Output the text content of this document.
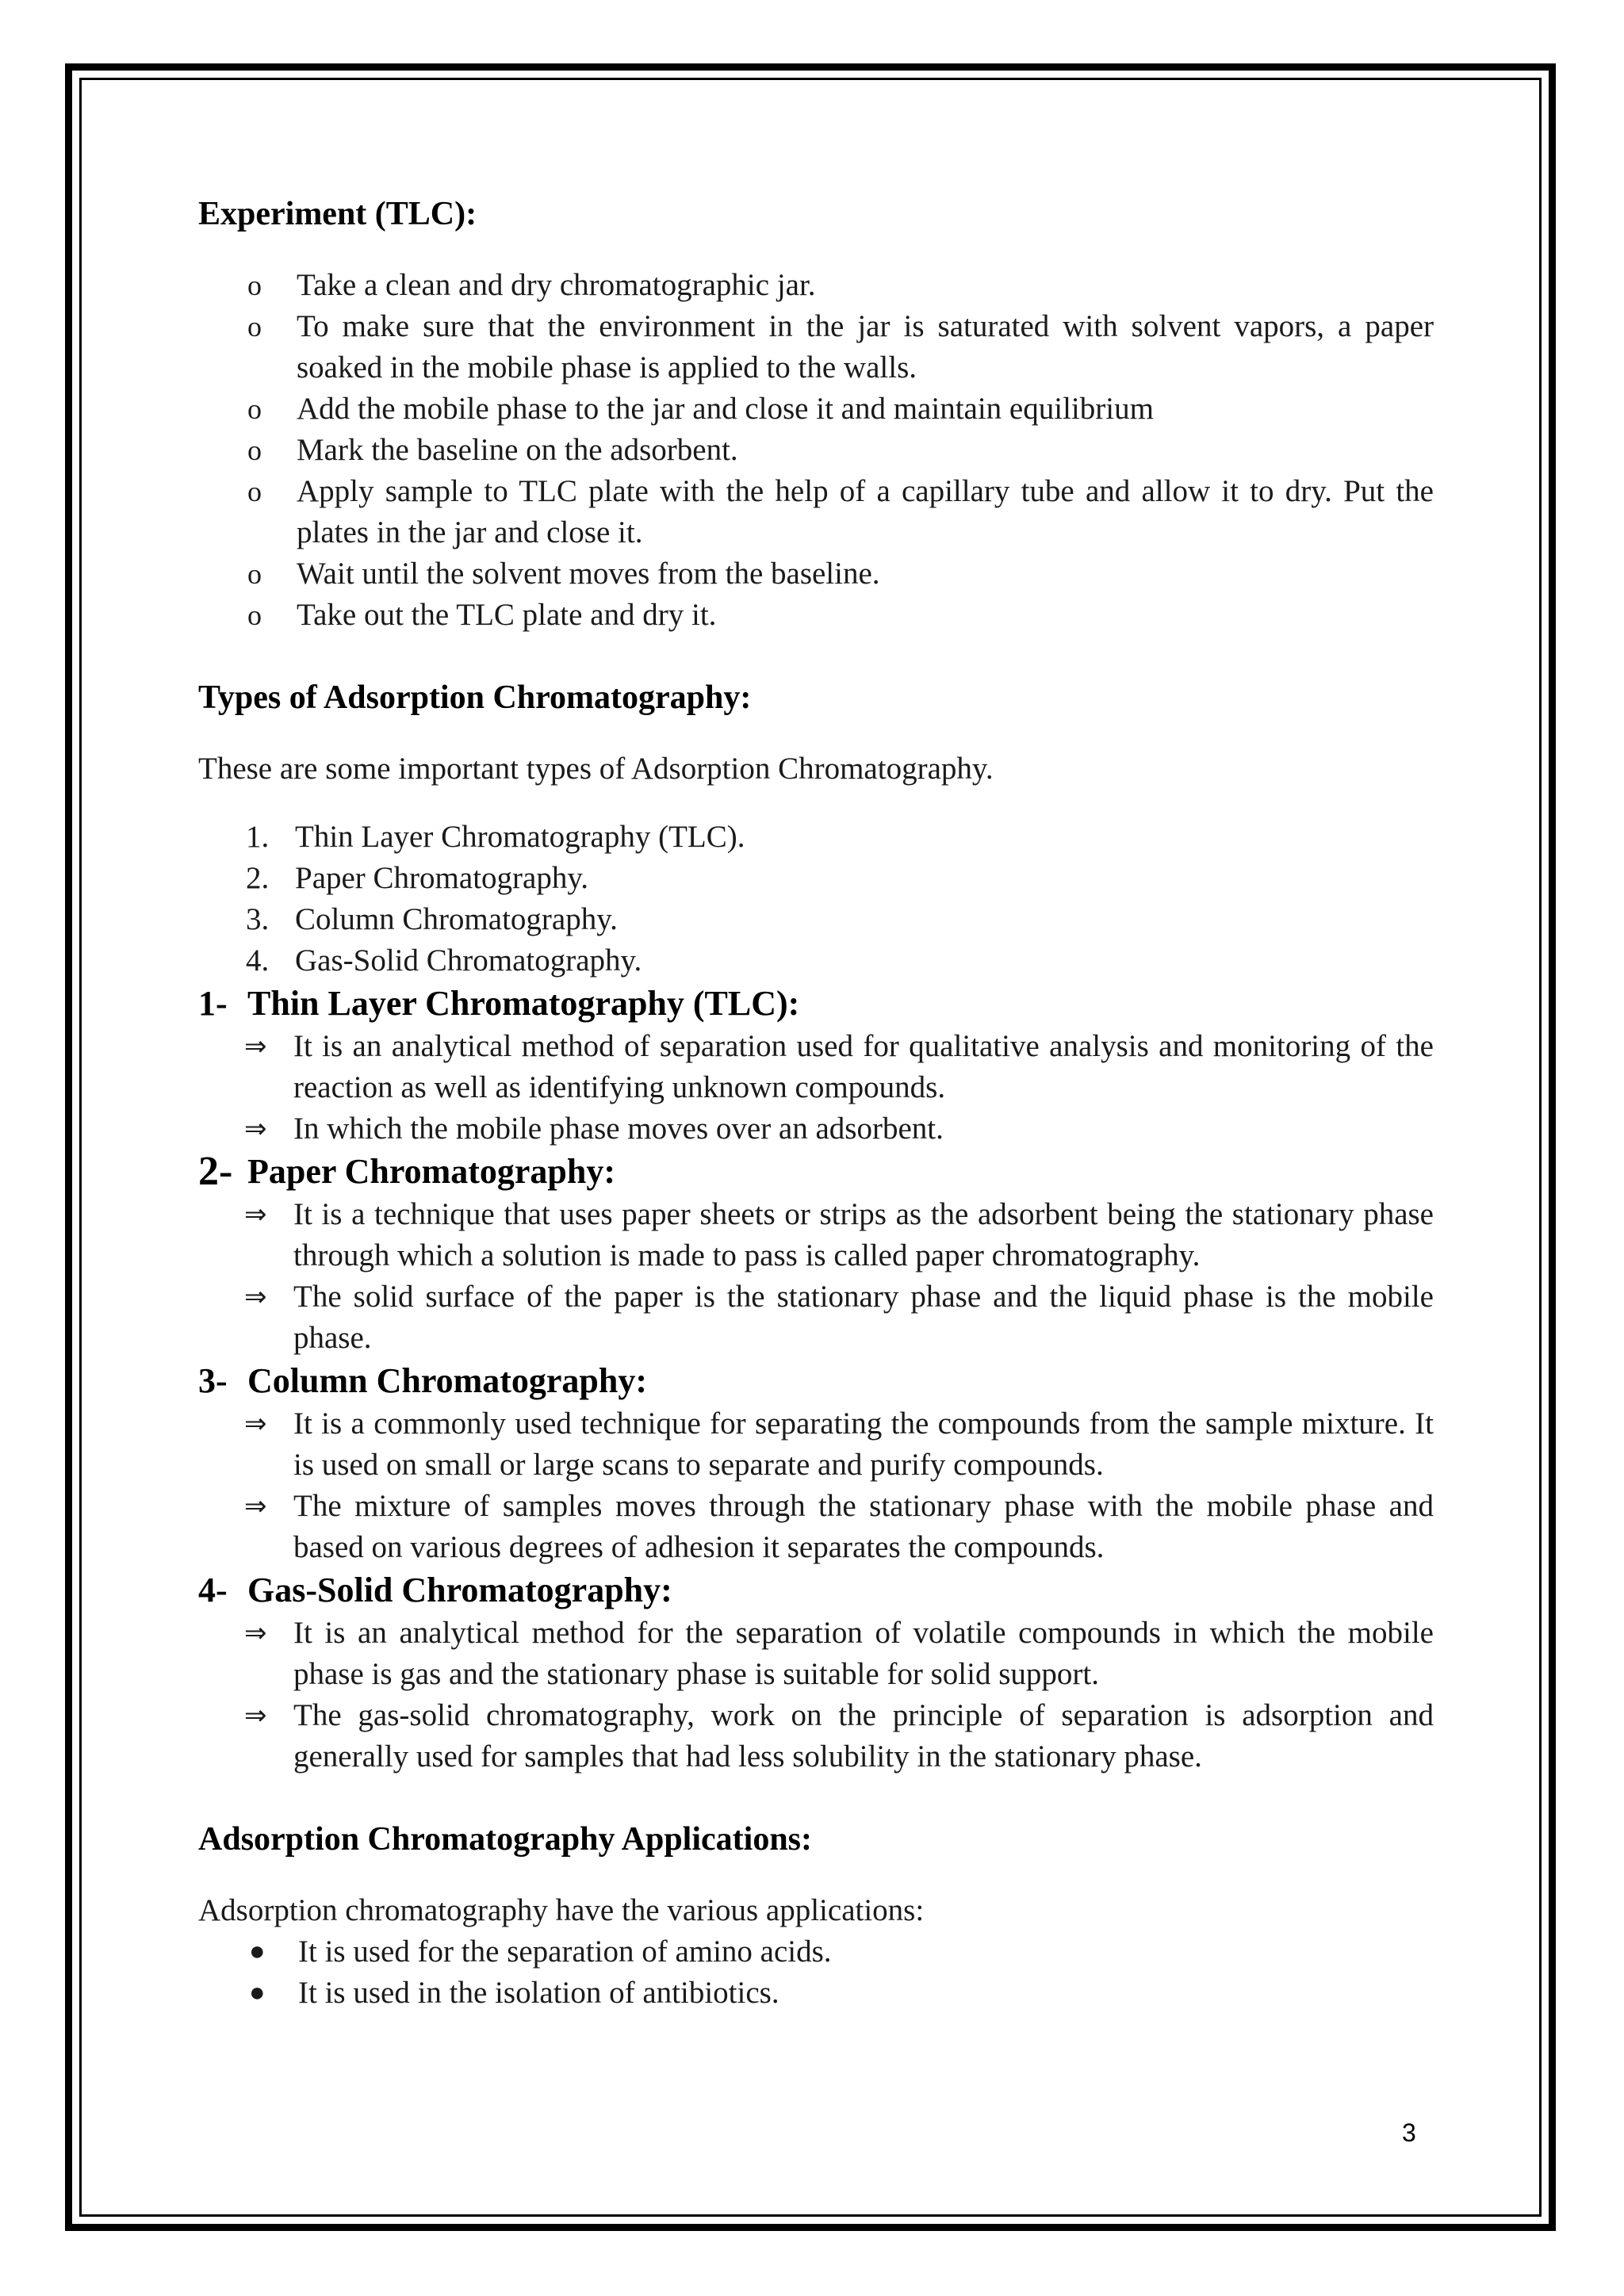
Experiment (TLC):
o	Take a clean and dry chromatographic jar.
o	To make sure that the environment in the jar is saturated with solvent vapors, a paper soaked in the mobile phase is applied to the walls.
o	Add the mobile phase to the jar and close it and maintain equilibrium
o	Mark the baseline on the adsorbent.
o	Apply sample to TLC plate with the help of a capillary tube and allow it to dry. Put the plates in the jar and close it.
o	Wait until the solvent moves from the baseline.
o	Take out the TLC plate and dry it.
Types of Adsorption Chromatography:

These are some important types of Adsorption Chromatography.

1. Thin Layer Chromatography (TLC).
2. Paper Chromatography.
3. Column Chromatography.
4. Gas-Solid Chromatography.
1- Thin Layer Chromatography (TLC):
⇒ It is an analytical method of separation used for qualitative analysis and monitoring of the reaction as well as identifying unknown compounds.
⇒ In which the mobile phase moves over an adsorbent.
2- Paper Chromatography:
⇒ It is a technique that uses paper sheets or strips as the adsorbent being the stationary phase through which a solution is made to pass is called paper chromatography.
⇒ The solid surface of the paper is the stationary phase and the liquid phase is the mobile phase.
3- Column Chromatography:
⇒ It is a commonly used technique for separating the compounds from the sample mixture. It is used on small or large scans to separate and purify compounds.
⇒ The mixture of samples moves through the stationary phase with the mobile phase and based on various degrees of adhesion it separates the compounds.
4- Gas-Solid Chromatography:
⇒ It is an analytical method for the separation of volatile compounds in which the mobile phase is gas and the stationary phase is suitable for solid support.
⇒ The gas-solid chromatography, work on the principle of separation is adsorption and generally used for samples that had less solubility in the stationary phase.
Adsorption Chromatography Applications:

Adsorption chromatography have the various applications:

●	It is used for the separation of amino acids.
●	It is used in the isolation of antibiotics.
3
